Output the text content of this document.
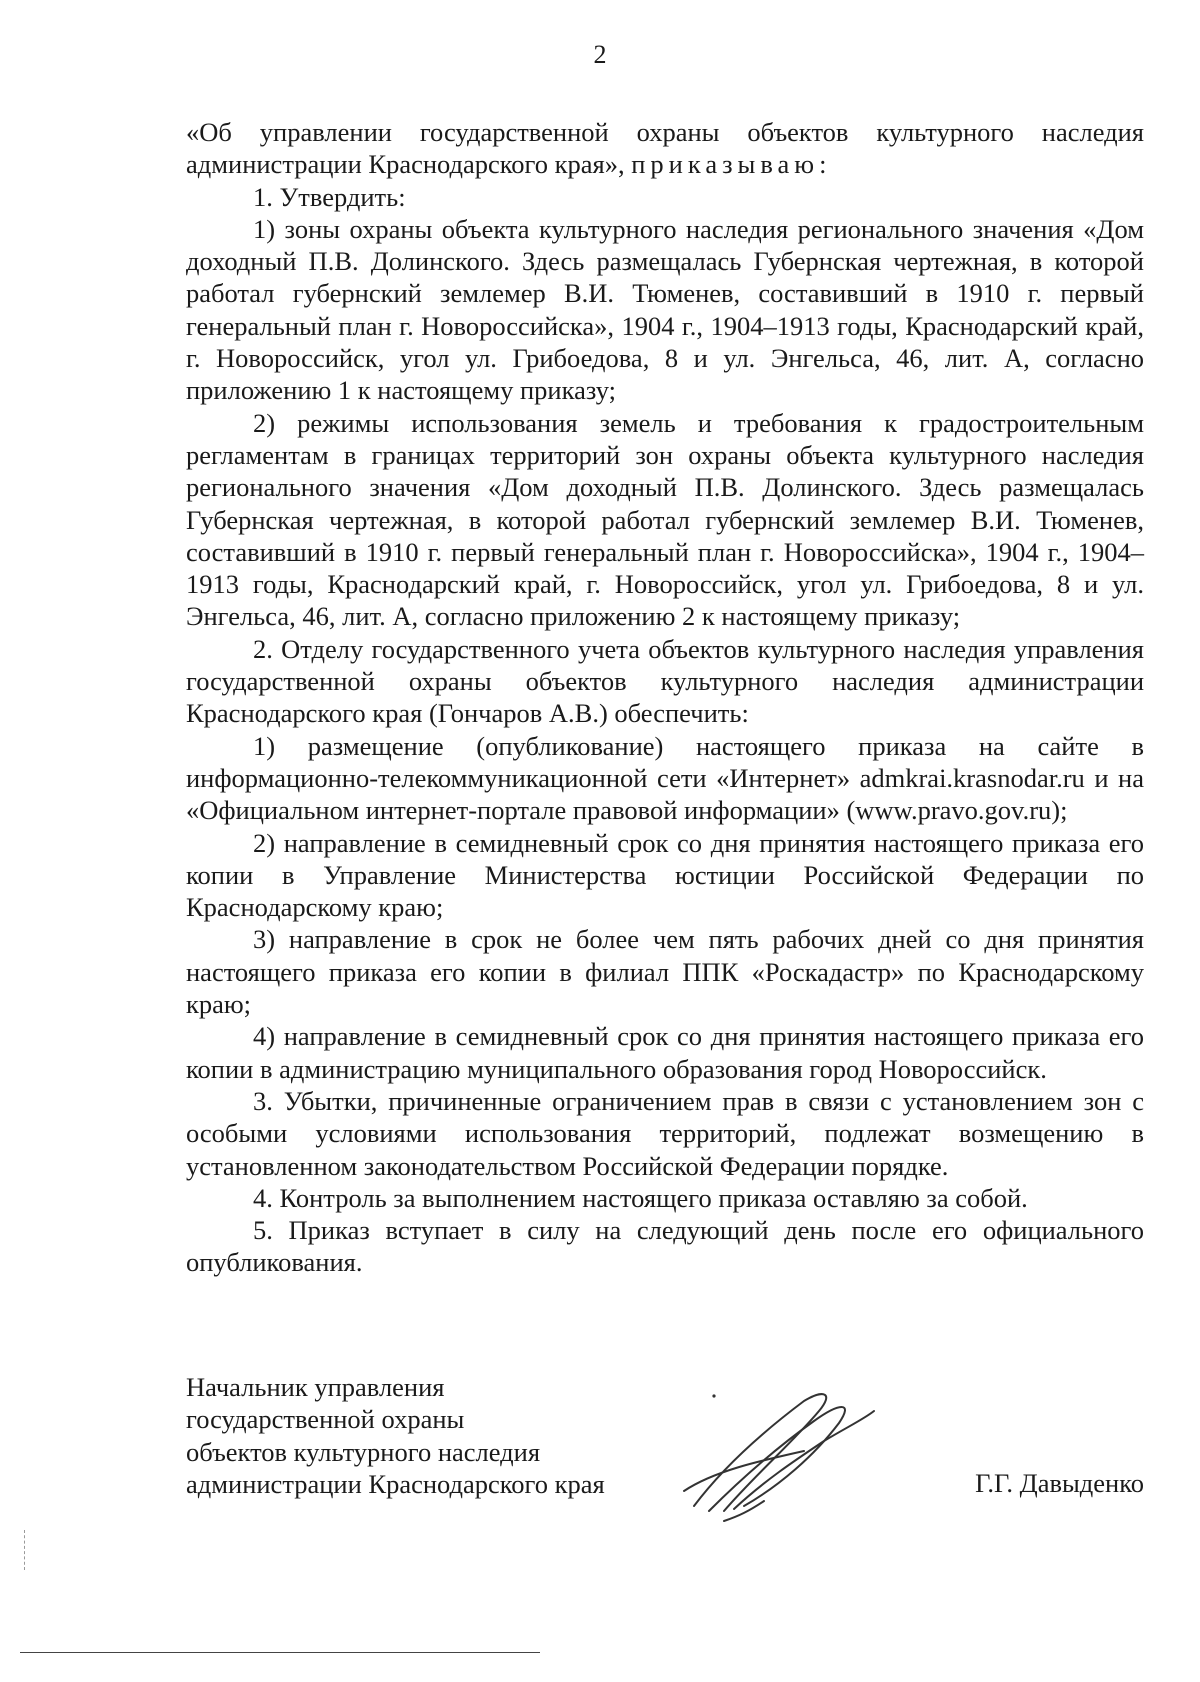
2

«Об управлении государственной охраны объектов культурного наследия администрации Краснодарского края», приказываю:

1. Утвердить:

1) зоны охраны объекта культурного наследия регионального значения «Дом доходный П.В. Долинского. Здесь размещалась Губернская чертежная, в которой работал губернский землемер В.И. Тюменев, составивший в 1910 г. первый генеральный план г. Новороссийска», 1904 г., 1904–1913 годы, Краснодарский край, г. Новороссийск, угол ул. Грибоедова, 8 и ул. Энгельса, 46, лит. А, согласно приложению 1 к настоящему приказу;

2) режимы использования земель и требования к градостроительным регламентам в границах территорий зон охраны объекта культурного наследия регионального значения «Дом доходный П.В. Долинского. Здесь размещалась Губернская чертежная, в которой работал губернский землемер В.И. Тюменев, составивший в 1910 г. первый генеральный план г. Новороссийска», 1904 г., 1904–1913 годы, Краснодарский край, г. Новороссийск, угол ул. Грибоедова, 8 и ул. Энгельса, 46, лит. А, согласно приложению 2 к настоящему приказу;

2. Отделу государственного учета объектов культурного наследия управления государственной охраны объектов культурного наследия администрации Краснодарского края (Гончаров А.В.) обеспечить:

1) размещение (опубликование) настоящего приказа на сайте в информационно-телекоммуникационной сети «Интернет» admkrai.krasnodar.ru и на «Официальном интернет-портале правовой информации» (www.pravo.gov.ru);

2) направление в семидневный срок со дня принятия настоящего приказа его копии в Управление Министерства юстиции Российской Федерации по Краснодарскому краю;

3) направление в срок не более чем пять рабочих дней со дня принятия настоящего приказа его копии в филиал ППК «Роскадастр» по Краснодарскому краю;

4) направление в семидневный срок со дня принятия настоящего приказа его копии в администрацию муниципального образования город Новороссийск.

3. Убытки, причиненные ограничением прав в связи с установлением зон с особыми условиями использования территорий, подлежат возмещению в установленном законодательством Российской Федерации порядке.

4. Контроль за выполнением настоящего приказа оставляю за собой.

5. Приказ вступает в силу на следующий день после его официального опубликования.

Начальник управления
государственной охраны
объектов культурного наследия
администрации Краснодарского края	Г.Г. Давыденко
